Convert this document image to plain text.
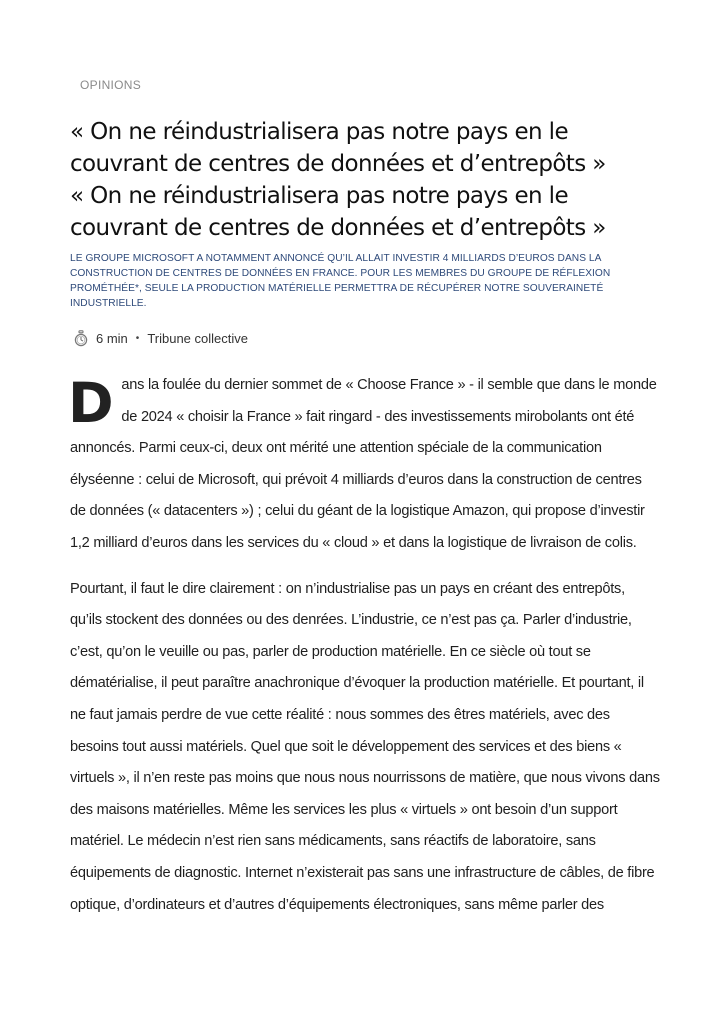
OPINIONS
« On ne réindustrialisera pas notre pays en le couvrant de centres de données et d’entrepôts »
« On ne réindustrialisera pas notre pays en le couvrant de centres de données et d’entrepôts »
LE GROUPE MICROSOFT A NOTAMMENT ANNONCÉ QU’IL ALLAIT INVESTIR 4 MILLIARDS D’EUROS DANS LA CONSTRUCTION DE CENTRES DE DONNÉES EN FRANCE. POUR LES MEMBRES DU GROUPE DE RÉFLEXION PROMÉTHÉE*, SEULE LA PRODUCTION MATÉRIELLE PERMETTRA DE RÉCUPÉRER NOTRE SOUVERAINETÉ INDUSTRIELLE.
6 min • Tribune collective

Dans la foulée du dernier sommet de « Choose France » - il semble que dans le monde de 2024 « choisir la France » fait ringard - des investissements mirobolants ont été annoncés. Parmi ceux-ci, deux ont mérité une attention spéciale de la communication élyséenne : celui de Microsoft, qui prévoit 4 milliards d’euros dans la construction de centres de données (« datacenters ») ; celui du géant de la logistique Amazon, qui propose d’investir 1,2 milliard d’euros dans les services du « cloud » et dans la logistique de livraison de colis.

Pourtant, il faut le dire clairement : on n’industrialise pas un pays en créant des entrepôts, qu’ils stockent des données ou des denrées. L’industrie, ce n’est pas ça. Parler d’industrie, c’est, qu’on le veuille ou pas, parler de production matérielle. En ce siècle où tout se dématérialise, il peut paraître anachronique d’évoquer la production matérielle. Et pourtant, il ne faut jamais perdre de vue cette réalité : nous sommes des êtres matériels, avec des besoins tout aussi matériels. Quel que soit le développement des services et des biens « virtuels », il n’en reste pas moins que nous nous nourrissons de matière, que nous vivons dans des maisons matérielles. Même les services les plus « virtuels » ont besoin d’un support matériel. Le médecin n’est rien sans médicaments, sans réactifs de laboratoire, sans équipements de diagnostic. Internet n’existerait pas sans une infrastructure de câbles, de fibre optique, d’ordinateurs et d’autres d’équipements électroniques, sans même parler des
